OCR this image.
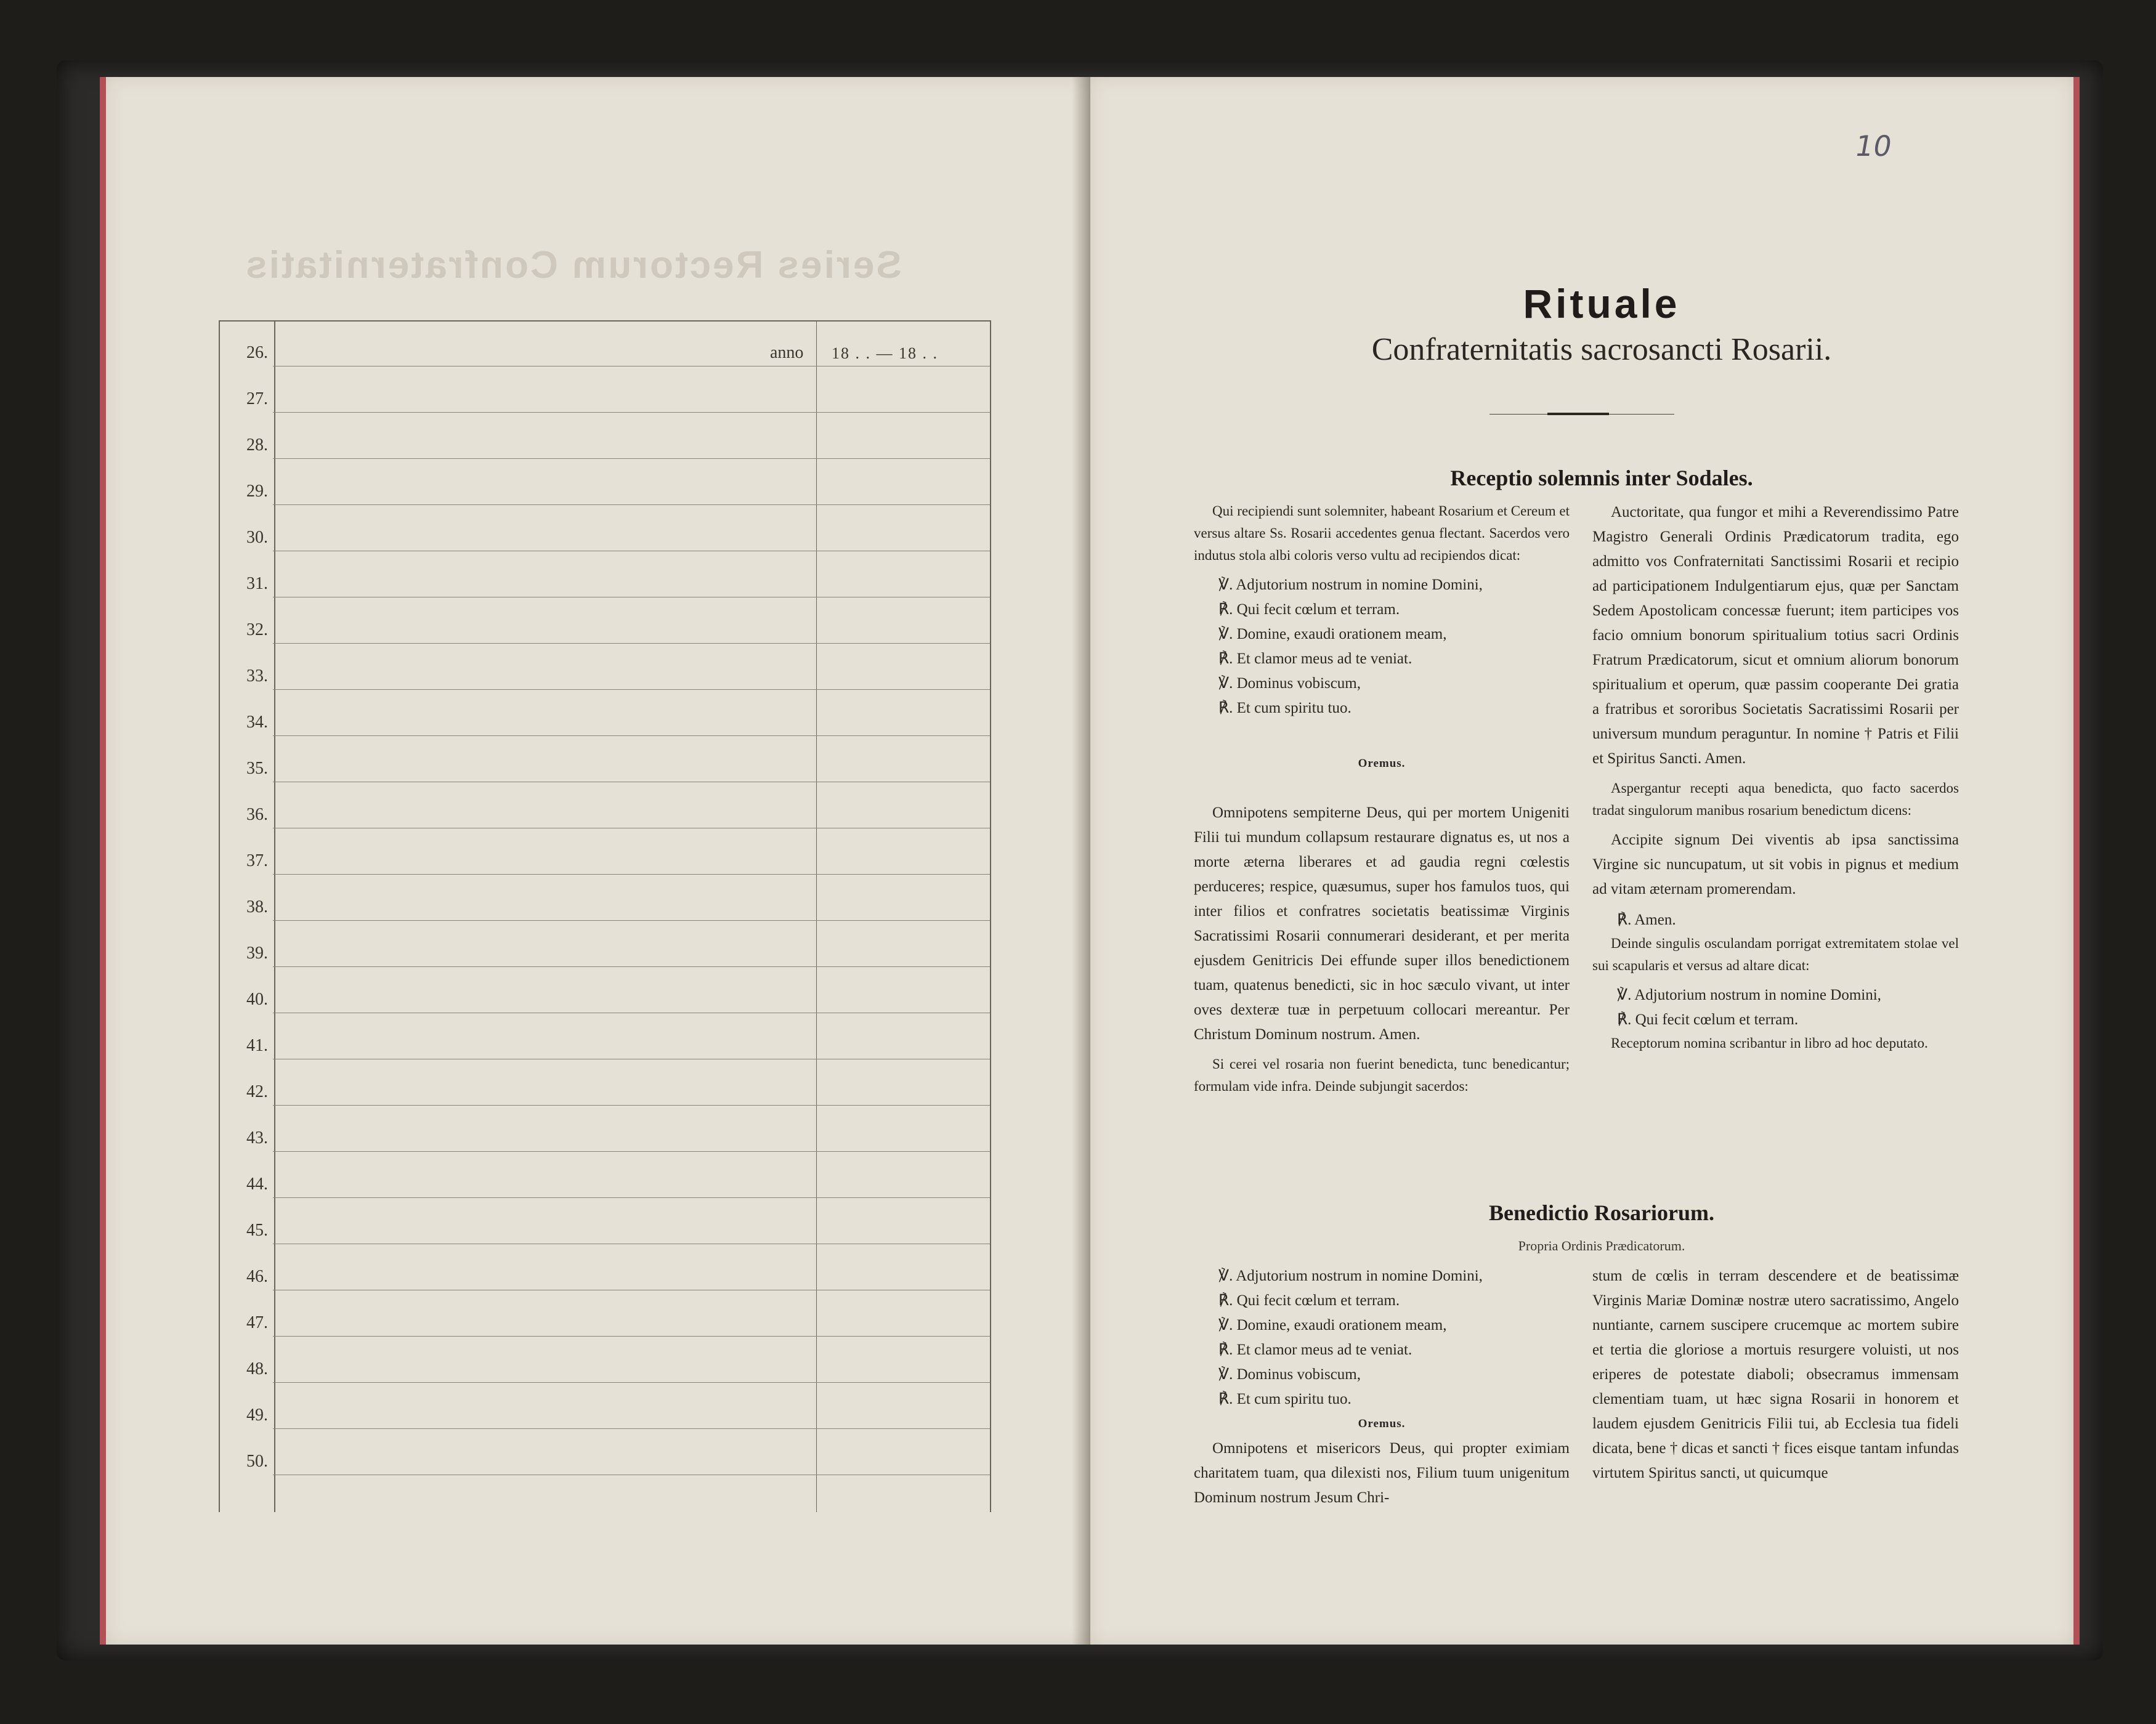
Series Rectorum Confraternitatis
26.	anno 18 . . — 18 . .
27.
28.
29.
30.
31.
32.
33.
34.
35.
36.
37.
38.
39.
40.
41.
42.
43.
44.
45.
46.
47.
48.
49.
50.
10
Rituale
Confraternitatis sacrosancti Rosarii.
Receptio solemnis inter Sodales.

Qui recipiendi sunt solemniter, habeant Rosarium et Cereum et versus altare Ss. Rosarii accedentes genua flectant. Sacerdos vero indutus stola albi coloris verso vultu ad recipiendos dicat:

℣. Adjutorium nostrum in nomine Domini,

℟. Qui fecit cœlum et terram.

℣. Domine, exaudi orationem meam,

℟. Et clamor meus ad te veniat.

℣. Dominus vobiscum,

℟. Et cum spiritu tuo.

Oremus.

Omnipotens sempiterne Deus, qui per mortem Unigeniti Filii tui mundum collapsum restaurare dignatus es, ut nos a morte æterna liberares et ad gaudia regni cœlestis perduceres; respice, quæsumus, super hos famulos tuos, qui inter filios et confratres societatis beatissimæ Virginis Sacratissimi Rosarii connumerari desiderant, et per merita ejusdem Genitricis Dei effunde super illos benedictionem tuam, quatenus benedicti, sic in hoc sæculo vivant, ut inter oves dexteræ tuæ in perpetuum collocari mereantur. Per Christum Dominum nostrum. Amen.

Si cerei vel rosaria non fuerint benedicta, tunc benedicantur; formulam vide infra. Deinde subjungit sacerdos:

Auctoritate, qua fungor et mihi a Reverendissimo Patre Magistro Generali Ordinis Prædicatorum tradita, ego admitto vos Confraternitati Sanctissimi Rosarii et recipio ad participationem Indulgentiarum ejus, quæ per Sanctam Sedem Apostolicam concessæ fuerunt; item participes vos facio omnium bonorum spiritualium totius sacri Ordinis Fratrum Prædicatorum, sicut et omnium aliorum bonorum spiritualium et operum, quæ passim cooperante Dei gratia a fratribus et sororibus Societatis Sacratissimi Rosarii per universum mundum peraguntur. In nomine † Patris et Filii et Spiritus Sancti. Amen.

Aspergantur recepti aqua benedicta, quo facto sacerdos tradat singulorum manibus rosarium benedictum dicens:

Accipite signum Dei viventis ab ipsa sanctissima Virgine sic nuncupatum, ut sit vobis in pignus et medium ad vitam æternam promerendam.

℟. Amen.

Deinde singulis osculandam porrigat extremitatem stolae vel sui scapularis et versus ad altare dicat:

℣. Adjutorium nostrum in nomine Domini,

℟. Qui fecit cœlum et terram.

Receptorum nomina scribantur in libro ad hoc deputato.

Benedictio Rosariorum.
Propria Ordinis Prædicatorum.

℣. Adjutorium nostrum in nomine Domini,

℟. Qui fecit cœlum et terram.

℣. Domine, exaudi orationem meam,

℟. Et clamor meus ad te veniat.

℣. Dominus vobiscum,

℟. Et cum spiritu tuo.

Oremus.

Omnipotens et misericors Deus, qui propter eximiam charitatem tuam, qua dilexisti nos, Filium tuum unigenitum Dominum nostrum Jesum Chri-

stum de cœlis in terram descendere et de beatissimæ Virginis Mariæ Dominæ nostræ utero sacratissimo, Angelo nuntiante, carnem suscipere crucemque ac mortem subire et tertia die gloriose a mortuis resurgere voluisti, ut nos eriperes de potestate diaboli; obsecramus immensam clementiam tuam, ut hæc signa Rosarii in honorem et laudem ejusdem Genitricis Filii tui, ab Ecclesia tua fideli dicata, bene † dicas et sancti † fices eisque tantam infundas virtutem Spiritus sancti, ut quicumque
